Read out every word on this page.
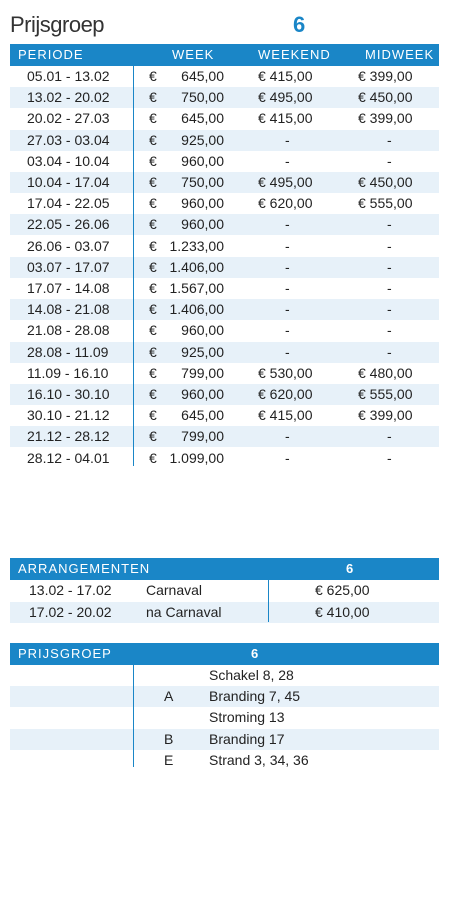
Prijsgroep	6
PERIODE	WEEK	WEEKEND	MIDWEEK
05.01 - 13.02	€ 645,00 € 415,00	€ 399,00
13.02 - 20.02	€ 750,00 € 495,00	€ 450,00
20.02 - 27.03	€ 645,00 € 415,00	€ 399,00
27.03 - 03.04	€ 925,00	-	-
03.04 - 10.04	€ 960,00	-	-
10.04 - 17.04	€ 750,00 € 495,00	€ 450,00
17.04 - 22.05	€ 960,00 € 620,00	€ 555,00
22.05 - 26.06	€ 960,00	-	-
26.06 - 03.07	€ 1.233,00	-	-
03.07 - 17.07	€ 1.406,00	-	-
17.07 - 14.08	€ 1.567,00	-	-
14.08 - 21.08	€ 1.406,00	-	-
21.08 - 28.08	€ 960,00	-	-
28.08 - 11.09	€ 925,00	-	-
11.09 - 16.10	€ 799,00 € 530,00	€ 480,00
16.10 - 30.10	€ 960,00 € 620,00	€ 555,00
30.10 - 21.12	€ 645,00 € 415,00	€ 399,00
21.12 - 28.12	€ 799,00	-	-
28.12 - 04.01	€ 1.099,00	-	-
ARRANGEMENTEN	6
13.02 - 17.02 Carnaval	€ 625,00
17.02 - 20.02 na Carnaval	€ 410,00
PRIJSGROEP	6
Schakel 8, 28
A	Branding 7, 45
Stroming 13
B	Branding 17
E	Strand 3, 34, 36
